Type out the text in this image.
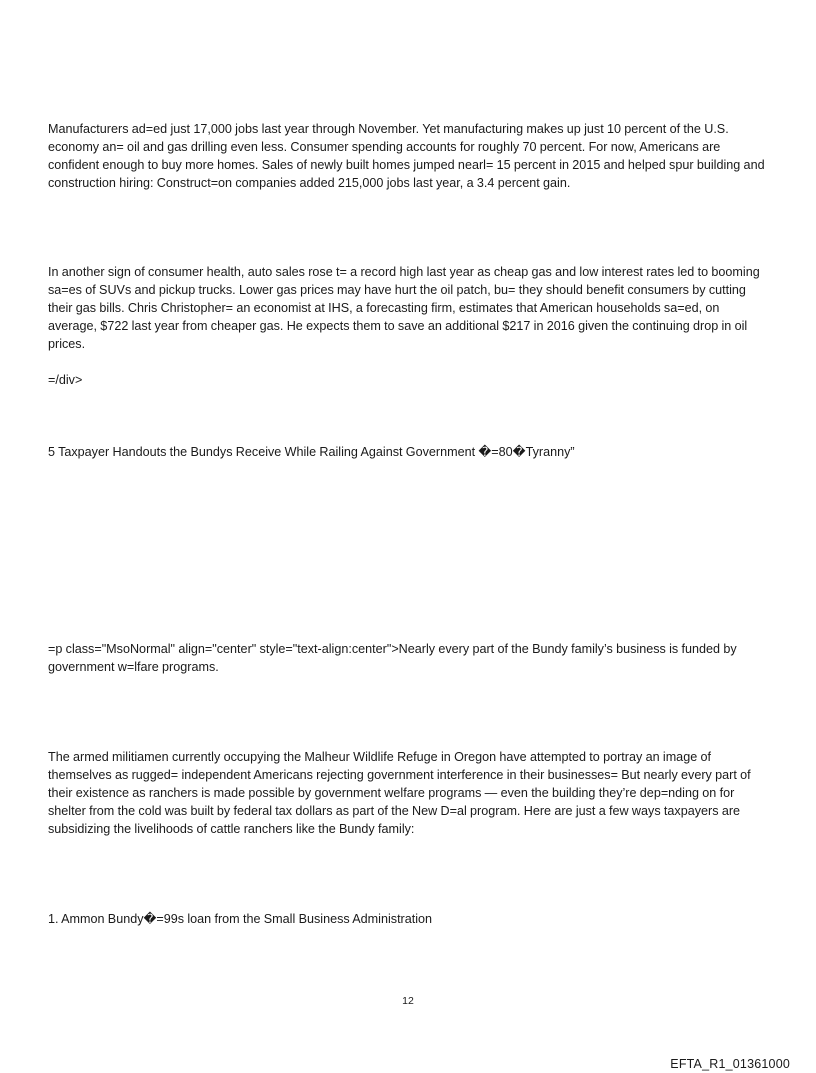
Manufacturers ad=ed just 17,000 jobs last year through November. Yet manufacturing makes up just 10 percent of the U.S. economy an= oil and gas drilling even less. Consumer spending accounts for roughly 70 percent. For now, Americans are confident enough to buy more homes. Sales of newly built homes jumped nearl= 15 percent in 2015 and helped spur building and construction hiring: Construct=on companies added 215,000 jobs last year, a 3.4 percent gain.

In another sign of consumer health, auto sales rose t= a record high last year as cheap gas and low interest rates led to booming sa=es of SUVs and pickup trucks. Lower gas prices may have hurt the oil patch, bu= they should benefit consumers by cutting their gas bills. Chris Christopher= an economist at IHS, a forecasting firm, estimates that American households sa=ed, on average, $722 last year from cheaper gas. He expects them to save an additional $217 in 2016 given the continuing drop in oil prices.

=/div>

5 Taxpayer Handouts the Bundys Receive While Railing Against Government �=80�Tyranny”

=p class="MsoNormal" align="center" style="text-align:center">Nearly every part of the Bundy family’s business is funded by government w=lfare programs.

The armed militiamen currently occupying the Malheur Wildlife Refuge in Oregon have attempted to portray an image of themselves as rugged= independent Americans rejecting government interference in their businesses= But nearly every part of their existence as ranchers is made possible by government welfare programs — even the building they’re dep=nding on for shelter from the cold was built by federal tax dollars as part of the New D=al program. Here are just a few ways taxpayers are subsidizing the livelihoods of cattle ranchers like the Bundy family:

1. Ammon Bundy�=99s loan from the Small Business Administration

12
EFTA_R1_01361000
